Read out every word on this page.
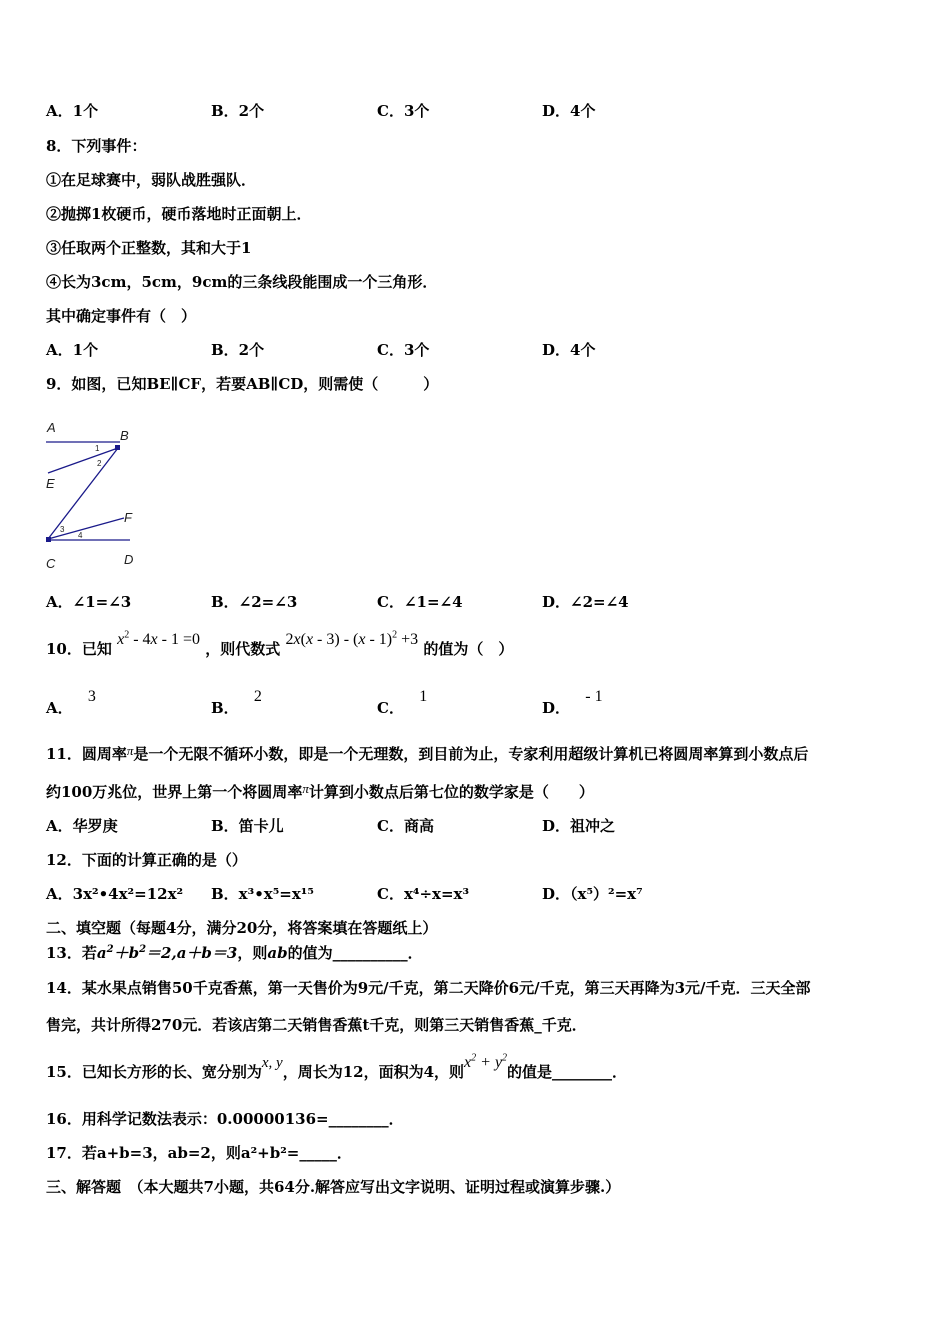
A．1个	B．2个	C．3个	D．4个
8．下列事件：
①在足球赛中，弱队战胜强队．
②抛掷1枚硬币，硬币落地时正面朝上．
③任取两个正整数，其和大于1
④长为3cm，5cm，9cm的三条线段能围成一个三角形．
其中确定事件有（　）
A．1个	B．2个	C．3个	D．4个
9．如图，已知BE∥CF，若要AB∥CD，则需使（　　　）
A
B
E
F
C	D
1
2
3
4
A．∠1=∠3	B．∠2=∠3	C．∠1=∠4	D．∠2=∠4
10．已知 $x^2 - 4x - 1 =0$ ，则代数式 2x(x - 3) - (x - 1)$^2$ +3 的值为（　）
A． 3
B． 2
C． 1
D． - 1
11．圆周率π是一个无限不循环小数，即是一个无理数，到目前为止，专家利用超级计算机已将圆周率算到小数点后
约100万兆位，世界上第一个将圆周率π计算到小数点后第七位的数学家是（　　）
A．华罗庚	B．笛卡儿	C．商高	D．祖冲之
12．下面的计算正确的是（）
A．3x²•4x²=12x² B．x³•x⁵=x¹⁵	C．x⁴÷x=x³	D．（x⁵）²=x⁷
二、填空题（每题4分，满分20分，将答案填在答题纸上）
13．若$a^2+b^2=2,a+b=3$，则ab的值为__________．
14．某水果点销售50千克香蕉，第一天售价为9元/千克，第二天降价6元/千克，第三天再降为3元/千克．三天全部
售完，共计所得270元．若该店第二天销售香蕉t千克，则第三天销售香蕉_千克．
15．已知长方形的长、宽分别为x, y，周长为12，面积为4，则$x^2 + y^2$的值是________．
16．用科学记数法表示：0.00000136=________．
17．若a+b=3，ab=2，则a²+b²=_____．
三、解答题　（本大题共7小题，共64分.解答应写出文字说明、证明过程或演算步骤.）
